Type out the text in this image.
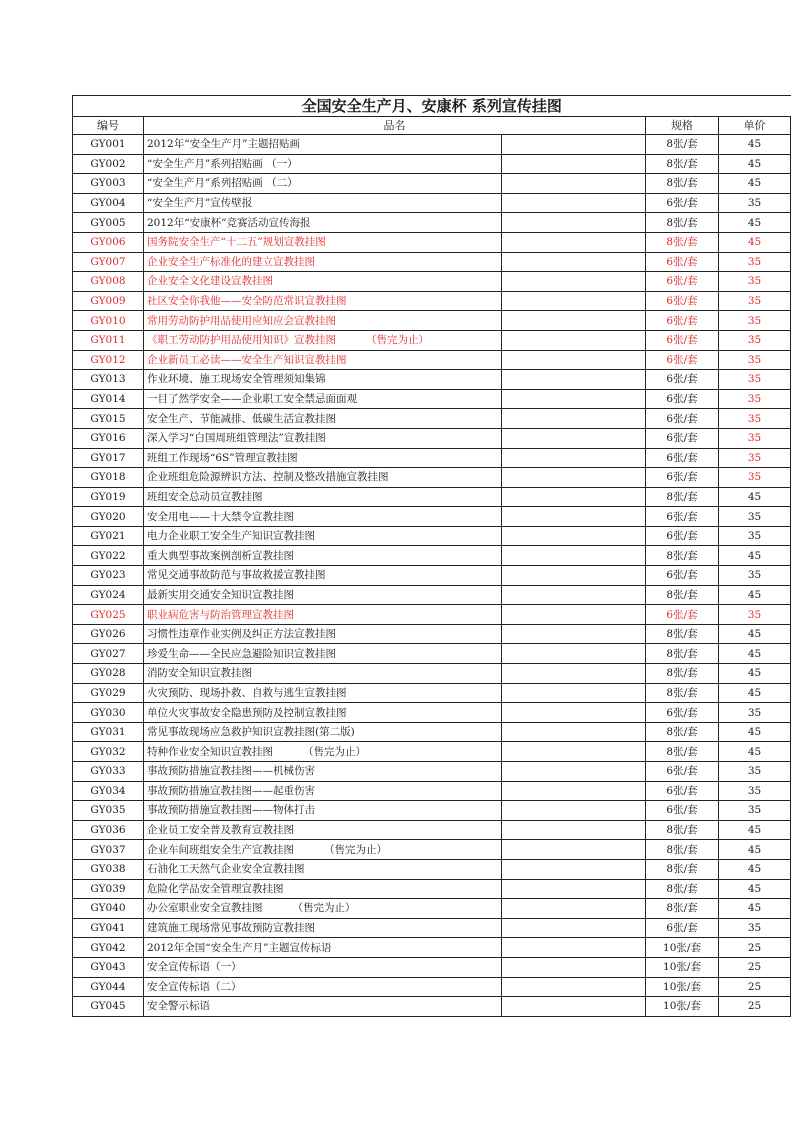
全国安全生产月、安康杯 系列宣传挂图				
编号	品名		规格	单价
GY001	2012年“安全生产月”主题招贴画		8张/套	45
GY002	“安全生产月”系列招贴画 （一）		8张/套	45
GY003	“安全生产月”系列招贴画 （二）		8张/套	45
GY004	“安全生产月”宣传壁报		6张/套	35
GY005	2012年“安康杯”竞赛活动宣传海报		8张/套	45
GY006	国务院安全生产“十二五”规划宣教挂图		8张/套	45
GY007	企业安全生产标准化的建立宣教挂图		6张/套	35
GY008	企业安全文化建设宣教挂图		6张/套	35
GY009	社区安全你我他——安全防范常识宣教挂图		6张/套	35
GY010	常用劳动防护用品使用应知应会宣教挂图		6张/套	35
GY011	《职工劳动防护用品使用知识》宣教挂图 （售完为止）		6张/套	35
GY012	企业新员工必读——安全生产知识宣教挂图		6张/套	35
GY013	作业环境、施工现场安全管理须知集锦		6张/套	35
GY014	一目了然学安全——企业职工安全禁忌面面观		6张/套	35
GY015	安全生产、节能减排、低碳生活宣教挂图		6张/套	35
GY016	深入学习“白国周班组管理法”宣教挂图		6张/套	35
GY017	班组工作现场“6S”管理宣教挂图		6张/套	35
GY018	企业班组危险源辨识方法、控制及整改措施宣教挂图		6张/套	35
GY019	班组安全总动员宣教挂图		8张/套	45
GY020	安全用电——十大禁令宣教挂图		6张/套	35
GY021	电力企业职工安全生产知识宣教挂图		6张/套	35
GY022	重大典型事故案例剖析宣教挂图		8张/套	45
GY023	常见交通事故防范与事故救援宣教挂图		6张/套	35
GY024	最新实用交通安全知识宣教挂图		8张/套	45
GY025	职业病危害与防治管理宣教挂图		6张/套	35
GY026	习惯性违章作业实例及纠正方法宣教挂图		8张/套	45
GY027	珍爱生命——全民应急避险知识宣教挂图		8张/套	45
GY028	消防安全知识宣教挂图		8张/套	45
GY029	火灾预防、现场扑救、自救与逃生宣教挂图		8张/套	45
GY030	单位火灾事故安全隐患预防及控制宣教挂图		6张/套	35
GY031	常见事故现场应急救护知识宣教挂图(第二版)		8张/套	45
GY032	特种作业安全知识宣教挂图 （售完为止）		8张/套	45
GY033	事故预防措施宣教挂图——机械伤害		6张/套	35
GY034	事故预防措施宣教挂图——起重伤害		6张/套	35
GY035	事故预防措施宣教挂图——物体打击		6张/套	35
GY036	企业员工安全普及教育宣教挂图		8张/套	45
GY037	企业车间班组安全生产宣教挂图 （售完为止）		8张/套	45
GY038	石油化工天然气企业安全宣教挂图		8张/套	45
GY039	危险化学品安全管理宣教挂图		8张/套	45
GY040	办公室职业安全宣教挂图 （售完为止）		8张/套	45
GY041	建筑施工现场常见事故预防宣教挂图		6张/套	35
GY042	2012年全国“安全生产月”主题宣传标语		10张/套	25
GY043	安全宣传标语（一）		10张/套	25
GY044	安全宣传标语（二）		10张/套	25
GY045	安全警示标语		10张/套	25
